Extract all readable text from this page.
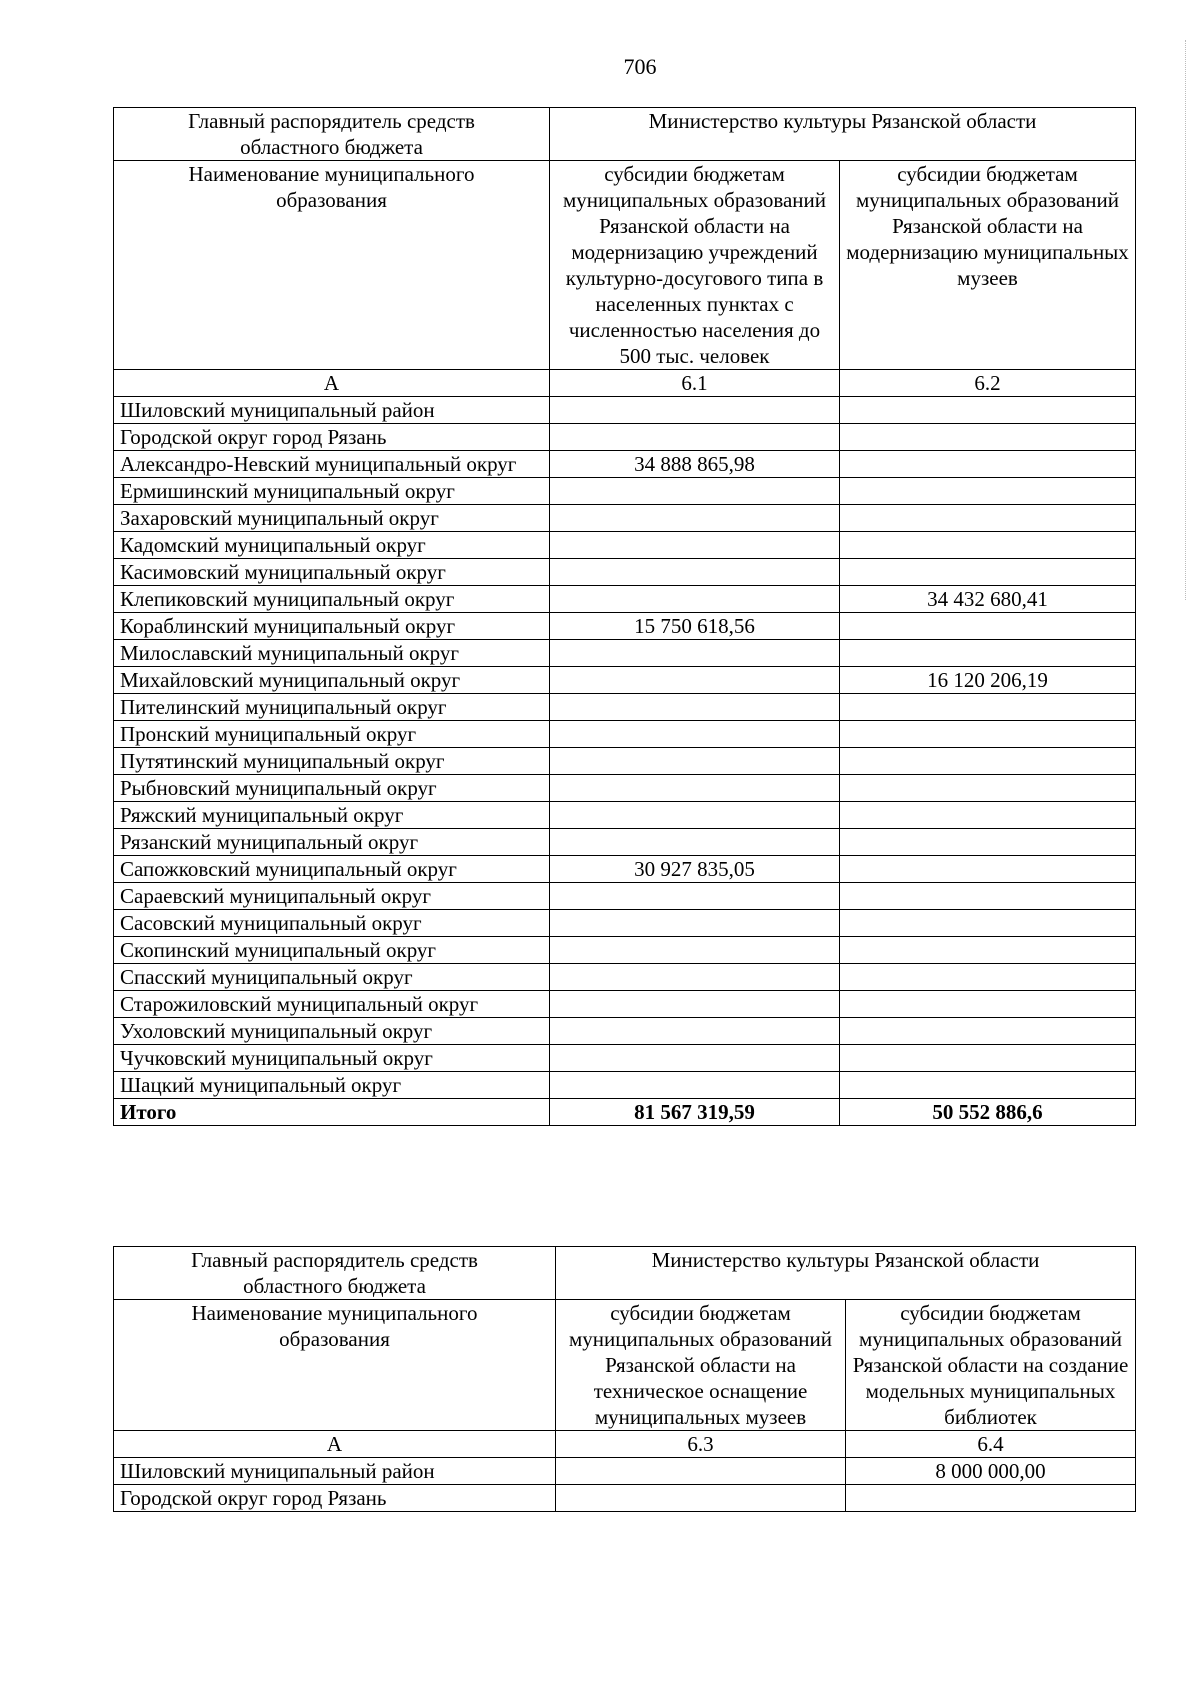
706
Главный распорядитель средств областного бюджета	Министерство культуры Рязанской области	
Наименование муниципального образования	субсидии бюджетам муниципальных образований Рязанской области на модернизацию учреждений культурно-досугового типа в населенных пунктах с численностью населения до 500 тыс. человек	субсидии бюджетам муниципальных образований Рязанской области на модернизацию муниципальных музеев
А	6.1	6.2
Шиловский муниципальный район		
Городской округ город Рязань		
Александро-Невский муниципальный округ	34 888 865,98	
Ермишинский муниципальный округ		
Захаровский муниципальный округ		
Кадомский муниципальный округ		
Касимовский муниципальный округ		
Клепиковский муниципальный округ		34 432 680,41
Кораблинский муниципальный округ	15 750 618,56	
Милославский муниципальный округ		
Михайловский муниципальный округ		16 120 206,19
Пителинский муниципальный округ		
Пронский муниципальный округ		
Путятинский муниципальный округ		
Рыбновский муниципальный округ		
Ряжский муниципальный округ		
Рязанский муниципальный округ		
Сапожковский муниципальный округ	30 927 835,05	
Сараевский муниципальный округ		
Сасовский муниципальный округ		
Скопинский муниципальный округ		
Спасский муниципальный округ		
Старожиловский муниципальный округ		
Ухоловский муниципальный округ		
Чучковский муниципальный округ		
Шацкий муниципальный округ		
Итого	81 567 319,59	50 552 886,6
Главный распорядитель средств областного бюджета	Министерство культуры Рязанской области	
Наименование муниципального образования	субсидии бюджетам муниципальных образований Рязанской области на техническое оснащение муниципальных музеев	субсидии бюджетам муниципальных образований Рязанской области на создание модельных муниципальных библиотек
А	6.3	6.4
Шиловский муниципальный район		8 000 000,00
Городской округ город Рязань		
